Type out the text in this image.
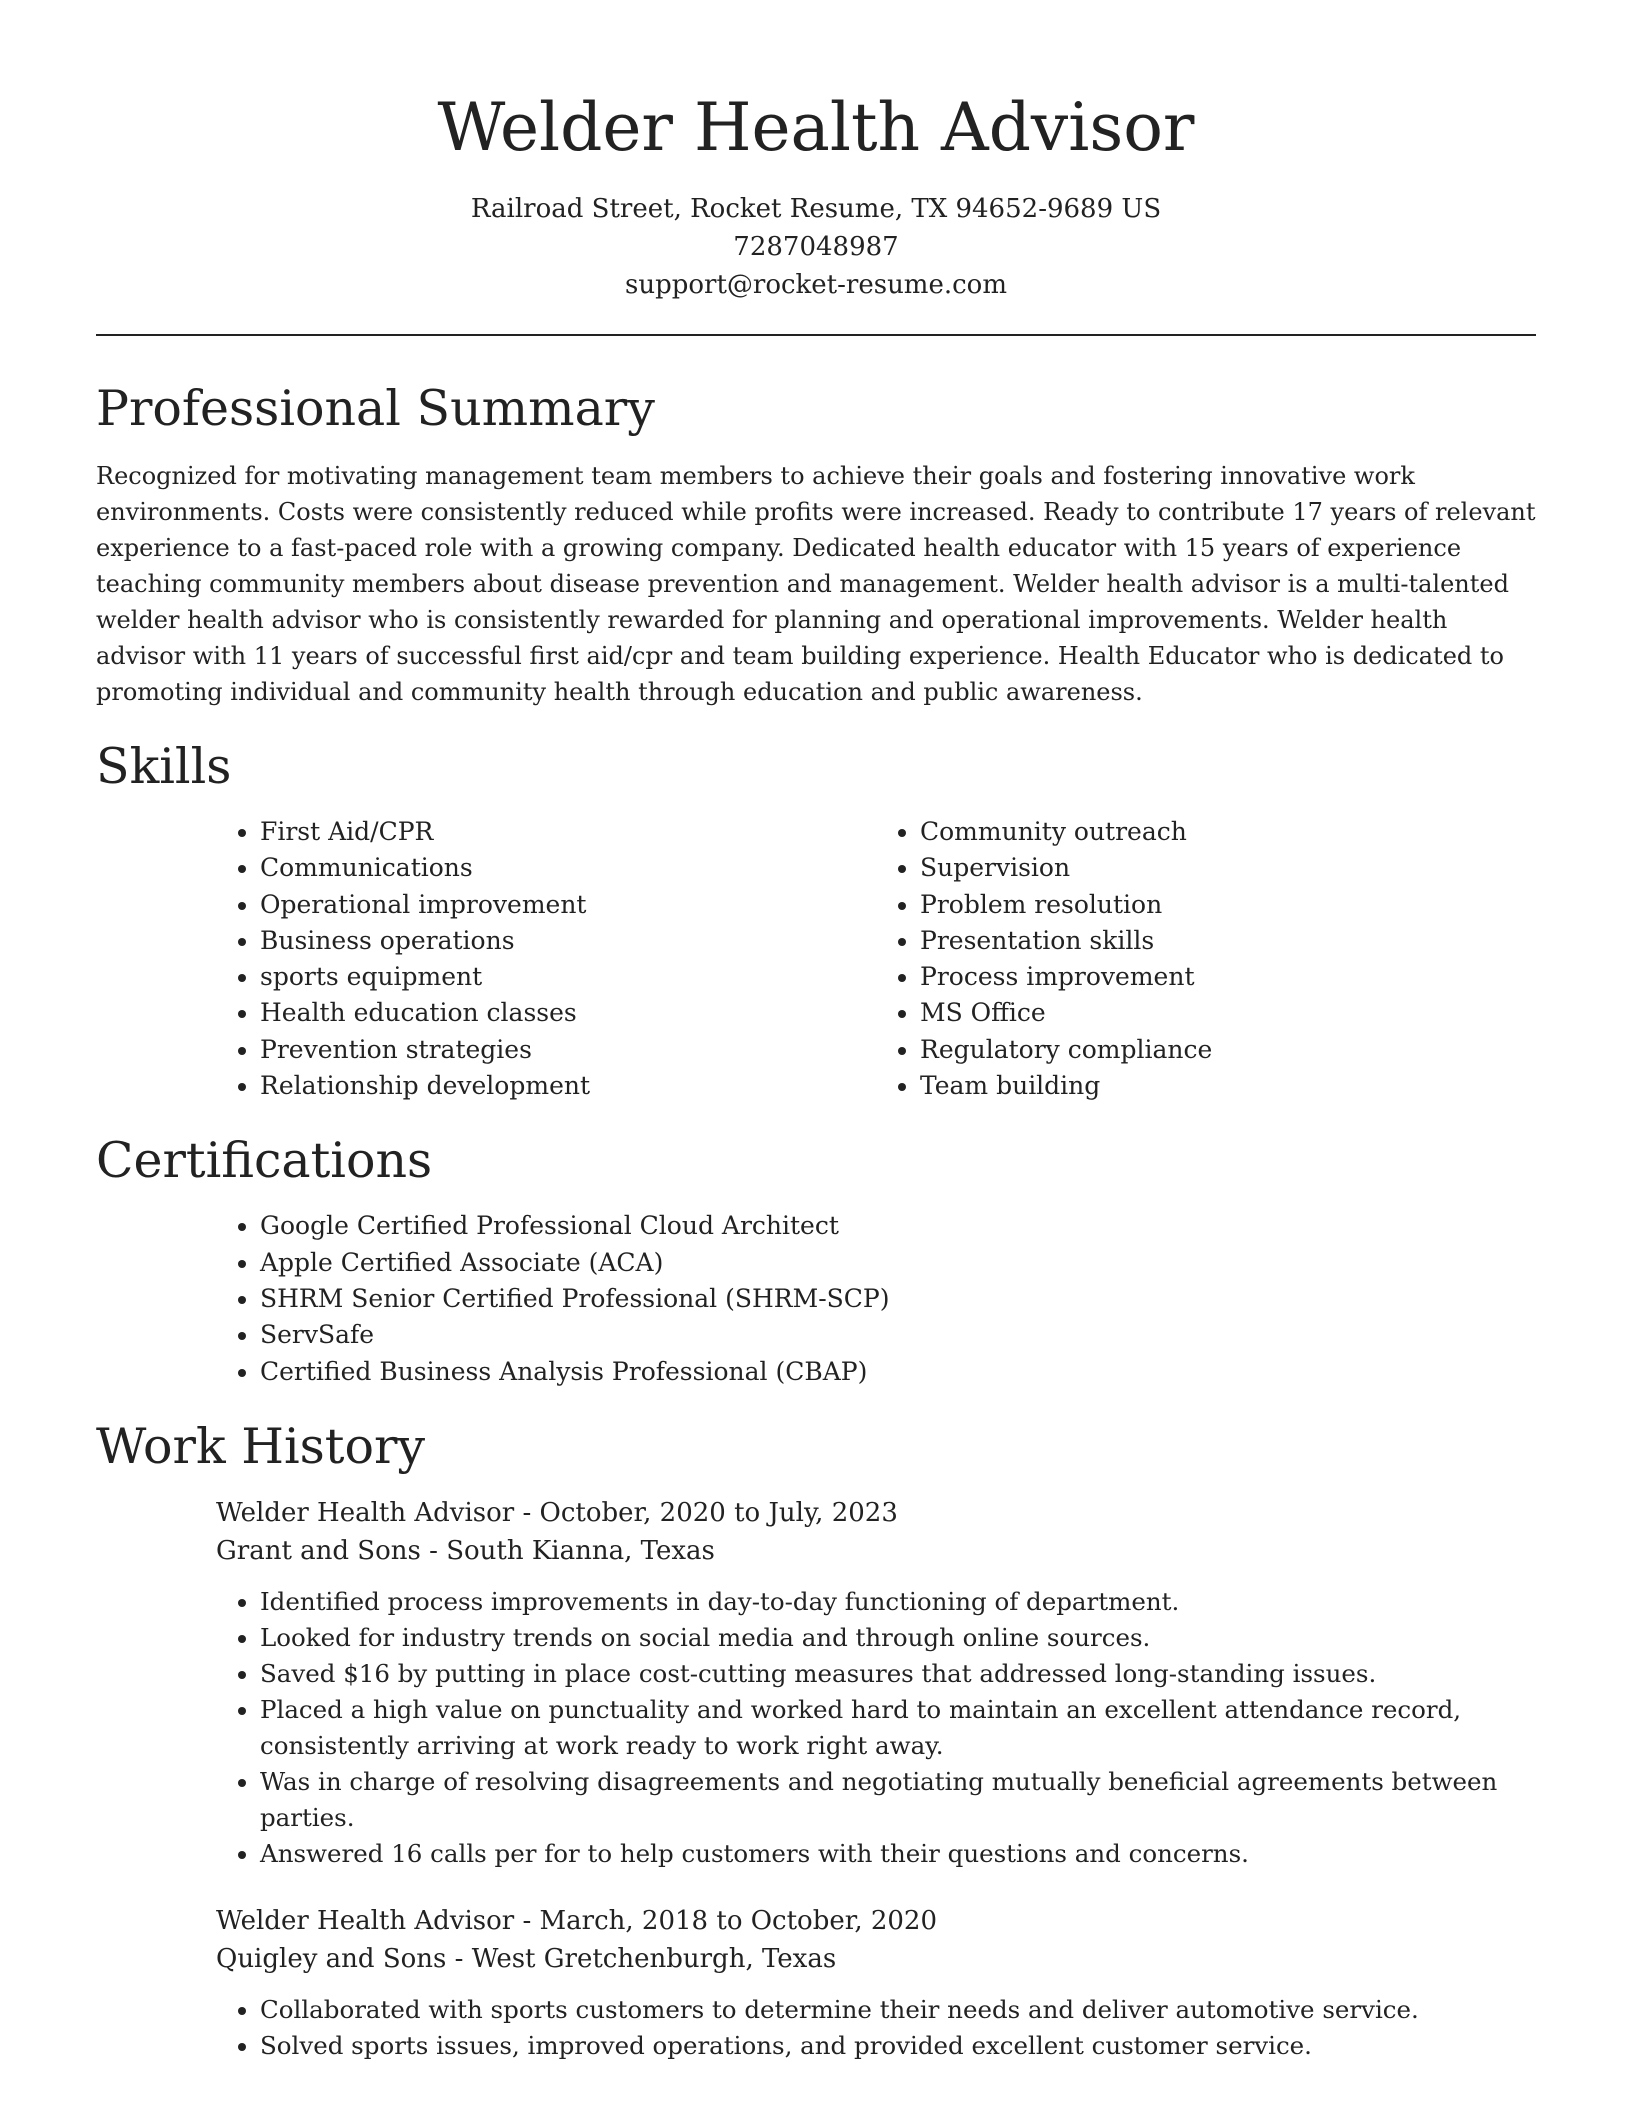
Welder Health Advisor
Railroad Street, Rocket Resume, TX 94652-9689 US
7287048987
support@rocket-resume.com
Professional Summary

Recognized for motivating management team members to achieve their goals and fostering innovative work environments. Costs were consistently reduced while profits were increased. Ready to contribute 17 years of relevant experience to a fast-paced role with a growing company. Dedicated health educator with 15 years of experience teaching community members about disease prevention and management. Welder health advisor is a multi-talented welder health advisor who is consistently rewarded for planning and operational improvements. Welder health advisor with 11 years of successful first aid/cpr and team building experience. Health Educator who is dedicated to promoting individual and community health through education and public awareness.

Skills
• First Aid/CPR
• Communications
• Operational improvement
• Business operations
• sports equipment
• Health education classes
• Prevention strategies
• Relationship development
• Community outreach
• Supervision
• Problem resolution
• Presentation skills
• Process improvement
• MS Office
• Regulatory compliance
• Team building
Certifications
• Google Certified Professional Cloud Architect
• Apple Certified Associate (ACA)
• SHRM Senior Certified Professional (SHRM-SCP)
• ServSafe
• Certified Business Analysis Professional (CBAP)
Work History
Welder Health Advisor - October, 2020 to July, 2023
Grant and Sons - South Kianna, Texas
• Identified process improvements in day-to-day functioning of department.
• Looked for industry trends on social media and through online sources.
• Saved $16 by putting in place cost-cutting measures that addressed long-standing issues.
• Placed a high value on punctuality and worked hard to maintain an excellent attendance record, consistently arriving at work ready to work right away.
• Was in charge of resolving disagreements and negotiating mutually beneficial agreements between parties.
• Answered 16 calls per for to help customers with their questions and concerns.
Welder Health Advisor - March, 2018 to October, 2020
Quigley and Sons - West Gretchenburgh, Texas
• Collaborated with sports customers to determine their needs and deliver automotive service.
• Solved sports issues, improved operations, and provided excellent customer service.
